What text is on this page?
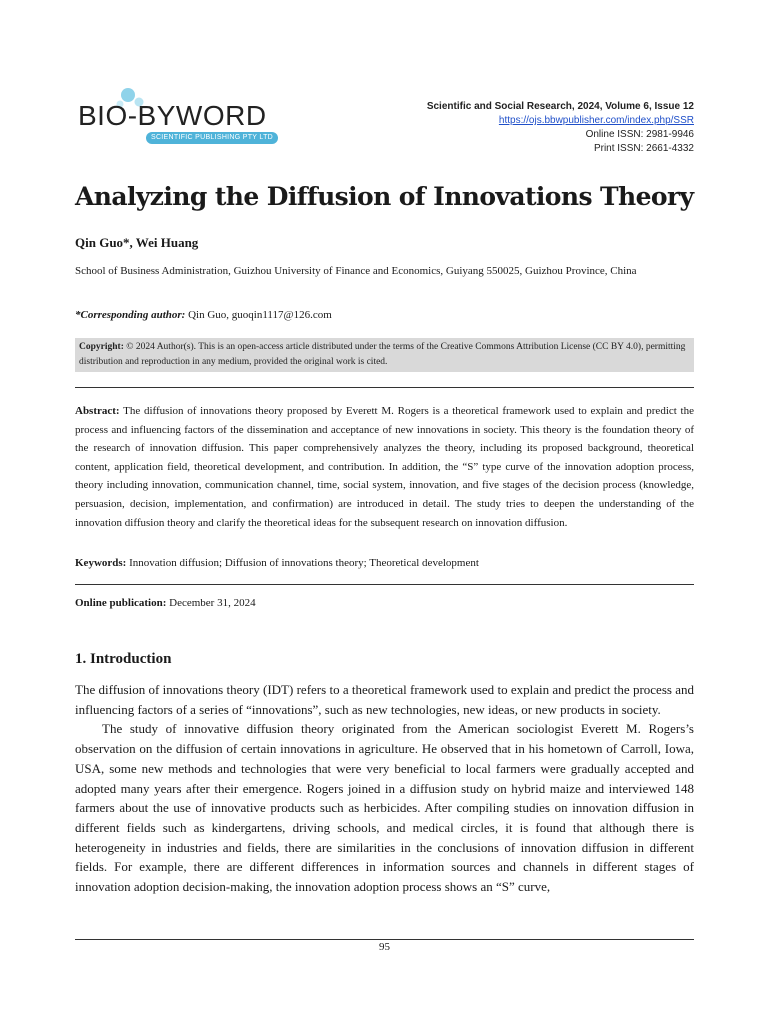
BIO-BYWORD
SCIENTIFIC PUBLISHING PTY LTD
Scientific and Social Research, 2024, Volume 6, Issue 12
https://ojs.bbwpublisher.com/index.php/SSR
Online ISSN: 2981-9946
Print ISSN: 2661-4332
Analyzing the Diffusion of Innovations Theory
Qin Guo*, Wei Huang
School of Business Administration, Guizhou University of Finance and Economics, Guiyang 550025, Guizhou Province, China
*Corresponding author: Qin Guo, guoqin1117@126.com
Copyright: © 2024 Author(s). This is an open-access article distributed under the terms of the Creative Commons Attribution License (CC BY 4.0), permitting distribution and reproduction in any medium, provided the original work is cited.
Abstract: The diffusion of innovations theory proposed by Everett M. Rogers is a theoretical framework used to explain and predict the process and influencing factors of the dissemination and acceptance of new innovations in society. This theory is the foundation theory of the research of innovation diffusion. This paper comprehensively analyzes the theory, including its proposed background, theoretical content, application field, theoretical development, and contribution. In addition, the “S” type curve of the innovation adoption process, theory including innovation, communication channel, time, social system, innovation, and five stages of the decision process (knowledge, persuasion, decision, implementation, and confirmation) are introduced in detail. The study tries to deepen the understanding of the innovation diffusion theory and clarify the theoretical ideas for the subsequent research on innovation diffusion.
Keywords: Innovation diffusion; Diffusion of innovations theory; Theoretical development
Online publication: December 31, 2024
1. Introduction

The diffusion of innovations theory (IDT) refers to a theoretical framework used to explain and predict the process and influencing factors of a series of “innovations”, such as new technologies, new ideas, or new products in society.

The study of innovative diffusion theory originated from the American sociologist Everett M. Rogers’s observation on the diffusion of certain innovations in agriculture. He observed that in his hometown of Carroll, Iowa, USA, some new methods and technologies that were very beneficial to local farmers were gradually accepted and adopted many years after their emergence. Rogers joined in a diffusion study on hybrid maize and interviewed 148 farmers about the use of innovative products such as herbicides. After compiling studies on innovation diffusion in different fields such as kindergartens, driving schools, and medical circles, it is found that although there is heterogeneity in industries and fields, there are similarities in the conclusions of innovation diffusion in different fields. For example, there are different differences in information sources and channels in different stages of innovation adoption decision-making, the innovation adoption process shows an “S” curve,

95
